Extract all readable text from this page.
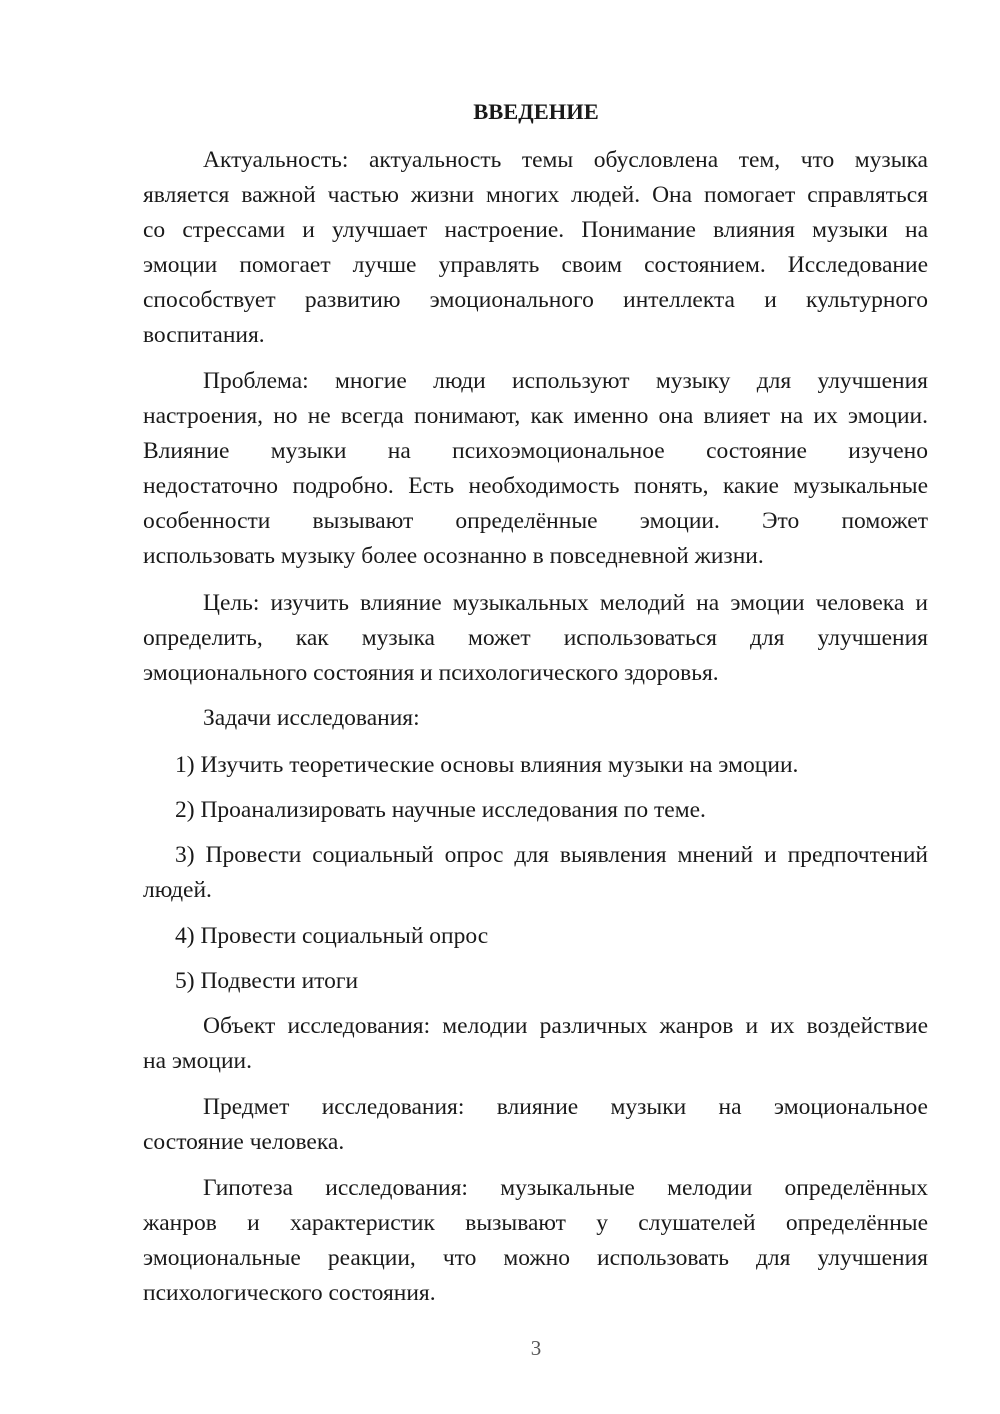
ВВЕДЕНИЕ
Актуальность: актуальность темы обусловлена тем, что музыка
является важной частью жизни многих людей. Она помогает справляться
со стрессами и улучшает настроение. Понимание влияния музыки на
эмоции помогает лучше управлять своим состоянием. Исследование
способствует развитию эмоционального интеллекта и культурного
воспитания.
Проблема: многие люди используют музыку для улучшения
настроения, но не всегда понимают, как именно она влияет на их эмоции.
Влияние музыки на психоэмоциональное состояние изучено
недостаточно подробно. Есть необходимость понять, какие музыкальные
особенности вызывают определённые эмоции. Это поможет
использовать музыку более осознанно в повседневной жизни.
Цель: изучить влияние музыкальных мелодий на эмоции человека и
определить, как музыка может использоваться для улучшения
эмоционального состояния и психологического здоровья.
Задачи исследования:
1) Изучить теоретические основы влияния музыки на эмоции.
2) Проанализировать научные исследования по теме.
3) Провести социальный опрос для выявления мнений и предпочтений
людей.
4) Провести социальный опрос
5) Подвести итоги
Объект исследования: мелодии различных жанров и их воздействие
на эмоции.
Предмет исследования: влияние музыки на эмоциональное
состояние человека.
Гипотеза исследования: музыкальные мелодии определённых
жанров и характеристик вызывают у слушателей определённые
эмоциональные реакции, что можно использовать для улучшения
психологического состояния.
3
